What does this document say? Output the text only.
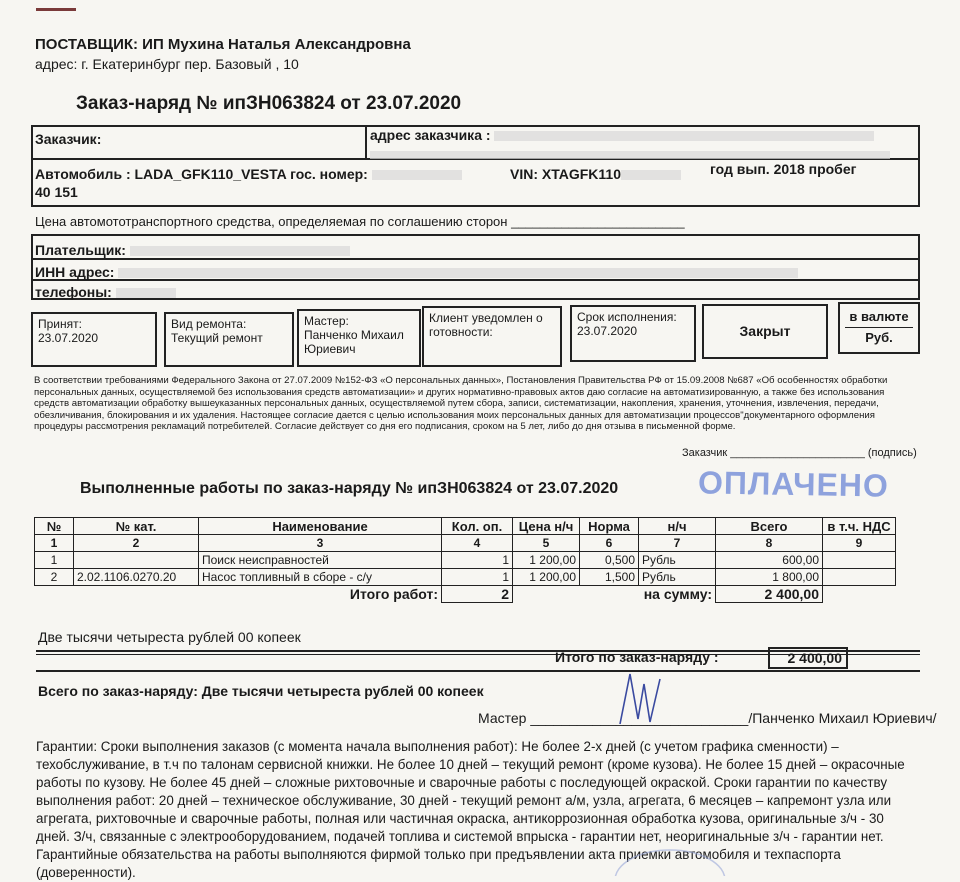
ПОСТАВЩИК: ИП Мухина Наталья Александровна
адрес: г. Екатеринбург пер. Базовый , 10
Заказ-наряд № ипЗН063824 от 23.07.2020
Заказчик:	адрес заказчика :
Автомобиль : LADA_GFK110_VESTA гос. номер:	VIN: XTAGFK110	год вып. 2018 пробег
40 151
Цена автомототранспортного средства, определяемая по соглашению сторон ________________________
Плательщик:
ИНН адрес:
телефоны:
Принят:
23.07.2020
Вид ремонта:
Текущий ремонт
Мастер:
Панченко Михаил Юриевич
Клиент уведомлен о готовности:
Срок исполнения:
23.07.2020	Закрыт
в валюте
Руб.
В соответствии требованиями Федерального Закона от 27.07.2009 №152-ФЗ «О персональных данных», Постановления Правительства РФ от 15.09.2008 №687 «Об особенностях обработки персональных данных, осуществляемой без использования средств автоматизации» и других нормативно-правовых актов даю согласие на автоматизированную, а также без использования средств автоматизации обработку вышеуказанных персональных данных, осуществляемой путем сбора, записи, систематизации, накопления, хранения, уточнения, извлечения, передачи, обезличивания, блокирования и их удаления. Настоящее согласие дается с целью использования моих персональных данных для автоматизации процессов"документарного оформления процедуры рассмотрения рекламаций потребителей. Согласие действует со дня его подписания, сроком на 5 лет, либо до дня отзыва в письменной форме.
Заказчик ______________________ (подпись)
ОПЛАЧЕНО
Выполненные работы по заказ-наряду № ипЗН063824 от 23.07.2020
№	№ кат.	Наименование	Кол. оп.	Цена н/ч	Норма	н/ч	Всего	в т.ч. НДС
1	2	3	4	5	6	7	8	9
1		Поиск неисправностей	1	1 200,00	0,500	Рубль	600,00	
2	2.02.1106.0270.20	Насос топливный в сборе - с/у	1	1 200,00	1,500	Рубль	1 800,00	
Итого работ:			2	на сумму:			2 400,00	
Две тысячи четыреста рублей 00 копеек
Итого по заказ-наряду :	2 400,00
Всего по заказ-наряду: Две тысячи четыреста рублей 00 копеек
Мастер ____________________________/Панченко Михаил Юриевич/
Гарантии: Сроки выполнения заказов (с момента начала выполнения работ): Не более 2-х дней (с учетом графика сменности) – техобслуживание, в т.ч по талонам сервисной книжки. Не более 10 дней – текущий ремонт (кроме кузова). Не более 15 дней – окрасочные работы по кузову. Не более 45 дней – сложные рихтовочные и сварочные работы с последующей окраской. Сроки гарантии по качеству выполнения работ: 20 дней – техническое обслуживание, 30 дней - текущий ремонт а/м, узла, агрегата, 6 месяцев – капремонт узла или агрегата, рихтовочные и сварочные работы, полная или частичная окраска, антикоррозионная обработка кузова, оригинальные з/ч - 30 дней. З/ч, связанные с электрооборудованием, подачей топлива и системой впрыска - гарантии нет, неоригинальные з/ч - гарантии нет. Гарантийные обязательства на работы выполняются фирмой только при предъявлении акта приемки автомобиля и техпаспорта (доверенности).
